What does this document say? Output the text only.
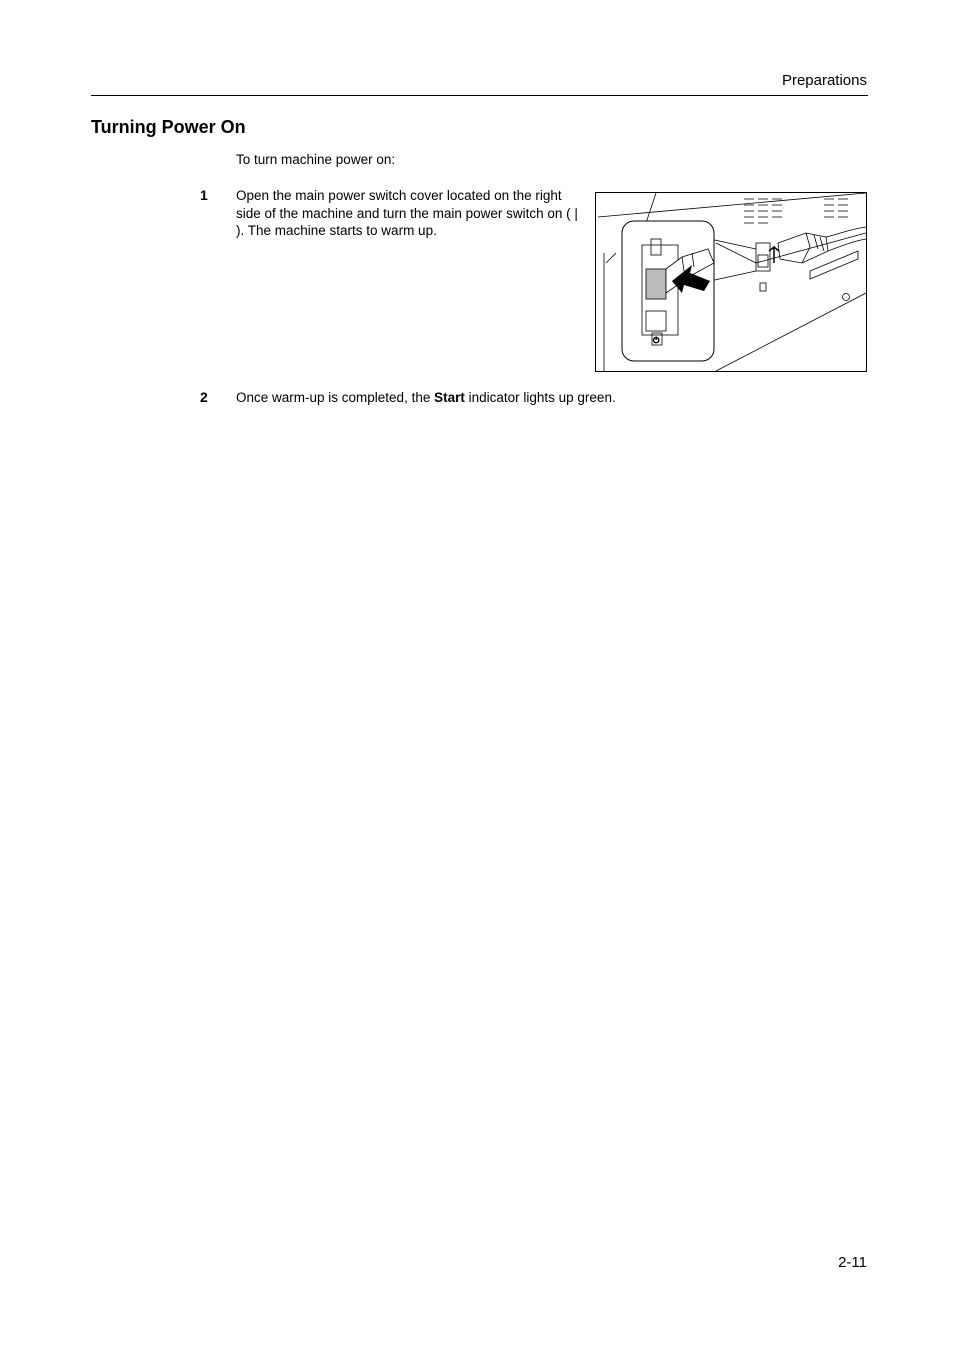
Preparations
Turning Power On
To turn machine power on:
1 Open the main power switch cover located on the right side of the machine and turn the main power switch on ( | ). The machine starts to warm up.
⏻
2 Once warm-up is completed, the Start indicator lights up green.
2-11
